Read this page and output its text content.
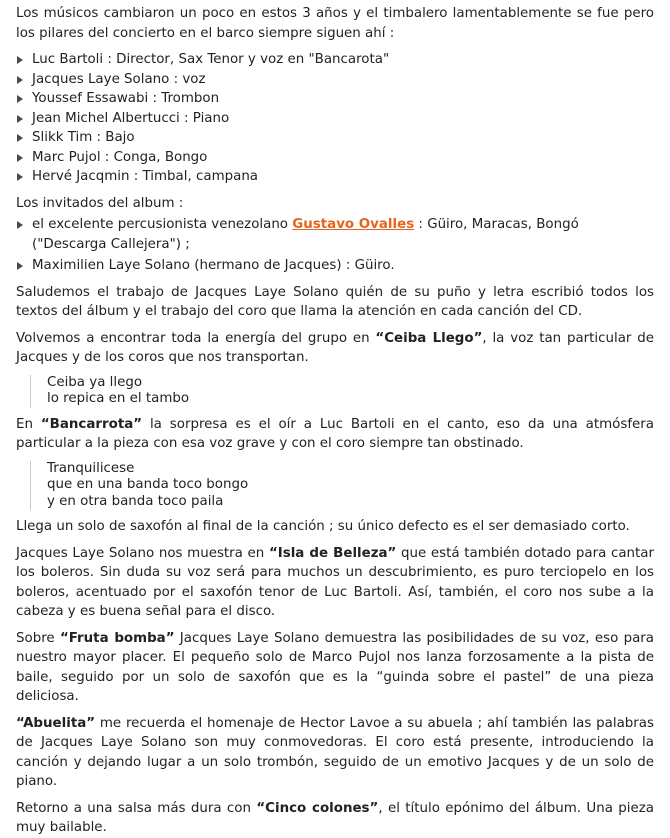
Los músicos cambiaron un poco en estos 3 años y el timbalero lamentablemente se fue pero los pilares del concierto en el barco siempre siguen ahí :

Luc Bartoli : Director, Sax Tenor y voz en "Bancarota"
Jacques Laye Solano : voz
Youssef Essawabi : Trombon
Jean Michel Albertucci : Piano
Slikk Tim : Bajo
Marc Pujol : Conga, Bongo
Hervé Jacqmin : Timbal, campana

Los invitados del album :

el excelente percusionista venezolano Gustavo Ovalles : Güiro, Maracas, Bongó ("Descarga Callejera") ;
Maximilien Laye Solano (hermano de Jacques) : Güiro.

Saludemos el trabajo de Jacques Laye Solano quién de su puño y letra escribió todos los textos del álbum y el trabajo del coro que llama la atención en cada canción del CD.

Volvemos a encontrar toda la energía del grupo en “Ceiba Llego”, la voz tan particular de Jacques y de los coros que nos transportan.

Ceiba ya llego
lo repica en el tambo

En “Bancarrota” la sorpresa es el oír a Luc Bartoli en el canto, eso da una atmósfera particular a la pieza con esa voz grave y con el coro siempre tan obstinado.

Tranquilicese
que en una banda toco bongo
y en otra banda toco paila

Llega un solo de saxofón al final de la canción ; su único defecto es el ser demasiado corto.

Jacques Laye Solano nos muestra en “Isla de Belleza” que está también dotado para cantar los boleros. Sin duda su voz será para muchos un descubrimiento, es puro terciopelo en los boleros, acentuado por el saxofón tenor de Luc Bartoli. Así, también, el coro nos sube a la cabeza y es buena señal para el disco.

Sobre “Fruta bomba” Jacques Laye Solano demuestra las posibilidades de su voz, eso para nuestro mayor placer. El pequeño solo de Marco Pujol nos lanza forzosamente a la pista de baile, seguido por un solo de saxofón que es la “guinda sobre el pastel” de una pieza deliciosa.

“Abuelita” me recuerda el homenaje de Hector Lavoe a su abuela ; ahí también las palabras de Jacques Laye Solano son muy conmovedoras. El coro está presente, introduciendo la canción y dejando lugar a un solo trombón, seguido de un emotivo Jacques y de un solo de piano.

Retorno a una salsa más dura con “Cinco colones”, el título epónimo del álbum. Una pieza muy bailable.
